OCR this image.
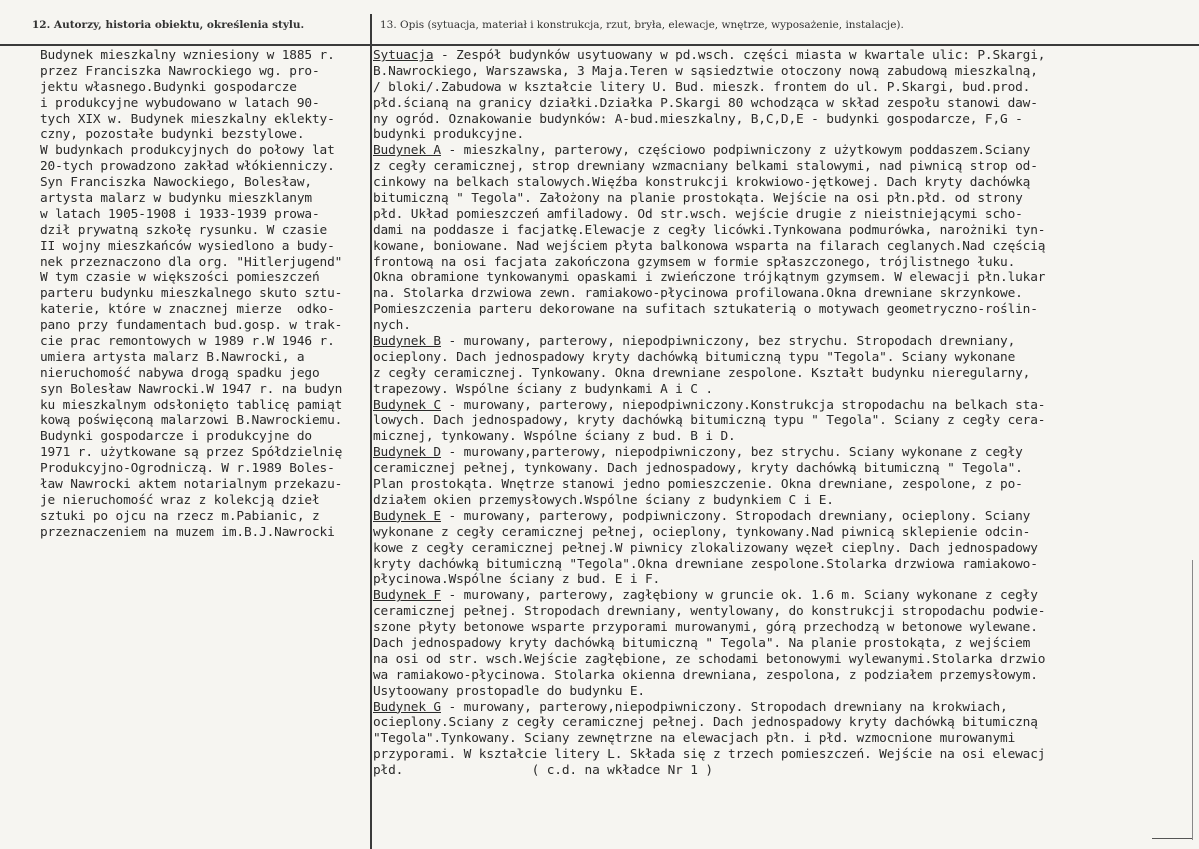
12. Autorzy, historia obiektu, określenia stylu.	13. Opis (sytuacja, materiał i konstrukcja, rzut, bryła, elewacje, wnętrze, wyposażenie, instalacje).
Budynek mieszkalny wzniesiony w 1885 r.
przez Franciszka Nawrockiego wg. pro-
jektu własnego.Budynki gospodarcze
i produkcyjne wybudowano w latach 90-
tych XIX w. Budynek mieszkalny eklekty-
czny, pozostałe budynki bezstylowe.
W budynkach produkcyjnych do połowy lat
20-tych prowadzono zakład włókienniczy.
Syn Franciszka Nawockiego, Bolesław,
artysta malarz w budynku mieszklanym
w latach 1905-1908 i 1933-1939 prowa-
dził prywatną szkołę rysunku. W czasie
II wojny mieszkańców wysiedlono a budy-
nek przeznaczono dla org. "Hitlerjugend"
W tym czasie w większości pomieszczeń
parteru budynku mieszkalnego skuto sztu-
katerie, które w znacznej mierze  odko-
pano przy fundamentach bud.gosp. w trak-
cie prac remontowych w 1989 r.W 1946 r.
umiera artysta malarz B.Nawrocki, a
nieruchomość nabywa drogą spadku jego
syn Bolesław Nawrocki.W 1947 r. na budyn
ku mieszkalnym odsłonięto tablicę pamiąt
kową poświęconą malarzowi B.Nawrockiemu.
Budynki gospodarcze i produkcyjne do
1971 r. użytkowane są przez Spółdzielnię
Produkcyjno-Ogrodniczą. W r.1989 Boles-
ław Nawrocki aktem notarialnym przekazu-
je nieruchomość wraz z kolekcją dzieł
sztuki po ojcu na rzecz m.Pabianic, z
przeznaczeniem na muzem im.B.J.Nawrocki
Sytuacja - Zespół budynków usytuowany w pd.wsch. części miasta w kwartale ulic: P.Skargi,
B.Nawrockiego, Warszawska, 3 Maja.Teren w sąsiedztwie otoczony nową zabudową mieszkalną,
/ bloki/.Zabudowa w kształcie litery U. Bud. mieszk. frontem do ul. P.Skargi, bud.prod.
płd.ścianą na granicy działki.Działka P.Skargi 80 wchodząca w skład zespołu stanowi daw-
ny ogród. Oznakowanie budynków: A-bud.mieszkalny, B,C,D,E - budynki gospodarcze, F,G -
budynki produkcyjne.
Budynek A - mieszkalny, parterowy, częściowo podpiwniczony z użytkowym poddaszem.Sciany
z cegły ceramicznej, strop drewniany wzmacniany belkami stalowymi, nad piwnicą strop od-
cinkowy na belkach stalowych.Więźba konstrukcji krokwiowo-jętkowej. Dach kryty dachówką
bitumiczną " Tegola". Założony na planie prostokąta. Wejście na osi płn.płd. od strony
płd. Układ pomieszczeń amfiladowy. Od str.wsch. wejście drugie z nieistniejącymi scho-
dami na poddasze i facjatkę.Elewacje z cegły licówki.Tynkowana podmurówka, narożniki tyn-
kowane, boniowane. Nad wejściem płyta balkonowa wsparta na filarach ceglanych.Nad częścią
frontową na osi facjata zakończona gzymsem w formie spłaszczonego, trójlistnego łuku.
Okna obramione tynkowanymi opaskami i zwieńczone trójkątnym gzymsem. W elewacji płn.lukar
na. Stolarka drzwiowa zewn. ramiakowo-płycinowa profilowana.Okna drewniane skrzynkowe.
Pomieszczenia parteru dekorowane na sufitach sztukaterią o motywach geometryczno-roślin-
nych.
Budynek B - murowany, parterowy, niepodpiwniczony, bez strychu. Stropodach drewniany,
ocieplony. Dach jednospadowy kryty dachówką bitumiczną typu "Tegola". Sciany wykonane
z cegły ceramicznej. Tynkowany. Okna drewniane zespolone. Kształt budynku nieregularny,
trapezowy. Wspólne ściany z budynkami A i C .
Budynek C - murowany, parterowy, niepodpiwniczony.Konstrukcja stropodachu na belkach sta-
lowych. Dach jednospadowy, kryty dachówką bitumiczną typu " Tegola". Sciany z cegły cera-
micznej, tynkowany. Wspólne ściany z bud. B i D.
Budynek D - murowany,parterowy, niepodpiwniczony, bez strychu. Sciany wykonane z cegły
ceramicznej pełnej, tynkowany. Dach jednospadowy, kryty dachówką bitumiczną " Tegola".
Plan prostokąta. Wnętrze stanowi jedno pomieszczenie. Okna drewniane, zespolone, z po-
działem okien przemysłowych.Wspólne ściany z budynkiem C i E.
Budynek E - murowany, parterowy, podpiwniczony. Stropodach drewniany, ocieplony. Sciany
wykonane z cegły ceramicznej pełnej, ocieplony, tynkowany.Nad piwnicą sklepienie odcin-
kowe z cegły ceramicznej pełnej.W piwnicy zlokalizowany węzeł cieplny. Dach jednospadowy
kryty dachówką bitumiczną "Tegola".Okna drewniane zespolone.Stolarka drzwiowa ramiakowo-
płycinowa.Wspólne ściany z bud. E i F.
Budynek F - murowany, parterowy, zagłębiony w gruncie ok. 1.6 m. Sciany wykonane z cegły
ceramicznej pełnej. Stropodach drewniany, wentylowany, do konstrukcji stropodachu podwie-
szone płyty betonowe wsparte przyporami murowanymi, górą przechodzą w betonowe wylewane.
Dach jednospadowy kryty dachówką bitumiczną " Tegola". Na planie prostokąta, z wejściem
na osi od str. wsch.Wejście zagłębione, ze schodami betonowymi wylewanymi.Stolarka drzwio
wa ramiakowo-płycinowa. Stolarka okienna drewniana, zespolona, z podziałem przemysłowym.
Usytoowany prostopadle do budynku E.
Budynek G - murowany, parterowy,niepodpiwniczony. Stropodach drewniany na krokwiach,
ocieplony.Sciany z cegły ceramicznej pełnej. Dach jednospadowy kryty dachówką bitumiczną
"Tegola".Tynkowany. Sciany zewnętrzne na elewacjach płn. i płd. wzmocnione murowanymi
przyporami. W kształcie litery L. Składa się z trzech pomieszczeń. Wejście na osi elewacj
płd.                 ( c.d. na wkładce Nr 1 )
